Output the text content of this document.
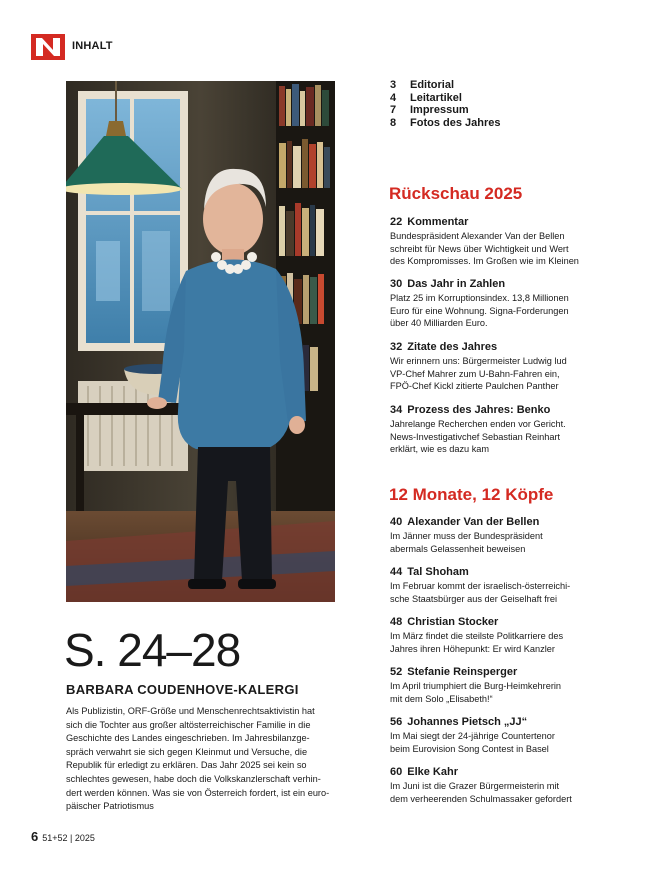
INHALT
S. 24–28
BARBARA COUDENHOVE-KALERGI
Als Publizistin, ORF-Größe und Menschenrechtsaktivistin hat
sich die Tochter aus großer altösterreichischer Familie in die
Geschichte des Landes eingeschrieben. Im Jahresbilanzge-
spräch verwahrt sie sich gegen Kleinmut und Versuche, die
Republik für erledigt zu erklären. Das Jahr 2025 sei kein so
schlechtes gewesen, habe doch die Volkskanzlerschaft verhin-
dert werden können. Was sie von Österreich fordert, ist ein euro-
päischer Patriotismus
6 51+52 | 2025
3	Editorial
4	Leitartikel
7	Impressum
8	Fotos des Jahres
Rückschau 2025
22 Kommentar
Bundespräsident Alexander Van der Bellen
schreibt für News über Wichtigkeit und Wert
des Kompromisses. Im Großen wie im Kleinen
30 Das Jahr in Zahlen
Platz 25 im Korruptionsindex. 13,8 Millionen
Euro für eine Wohnung. Signa-Forderungen
über 40 Milliarden Euro.
32 Zitate des Jahres
Wir erinnern uns: Bürgermeister Ludwig lud
VP-Chef Mahrer zum U-Bahn-Fahren ein,
FPÖ-Chef Kickl zitierte Paulchen Panther
34 Prozess des Jahres: Benko
Jahrelange Recherchen enden vor Gericht.
News-Investigativchef Sebastian Reinhart
erklärt, wie es dazu kam
12 Monate, 12 Köpfe
40 Alexander Van der Bellen
Im Jänner muss der Bundespräsident
abermals Gelassenheit beweisen
44 Tal Shoham
Im Februar kommt der israelisch-österreichi-
sche Staatsbürger aus der Geiselhaft frei
48 Christian Stocker
Im März findet die steilste Politkarriere des
Jahres ihren Höhepunkt: Er wird Kanzler
52 Stefanie Reinsperger
Im April triumphiert die Burg-Heimkehrerin
mit dem Solo „Elisabeth!“
56 Johannes Pietsch „JJ“
Im Mai siegt der 24-jährige Countertenor
beim Eurovision Song Contest in Basel
60 Elke Kahr
Im Juni ist die Grazer Bürgermeisterin mit
dem verheerenden Schulmassaker gefordert
